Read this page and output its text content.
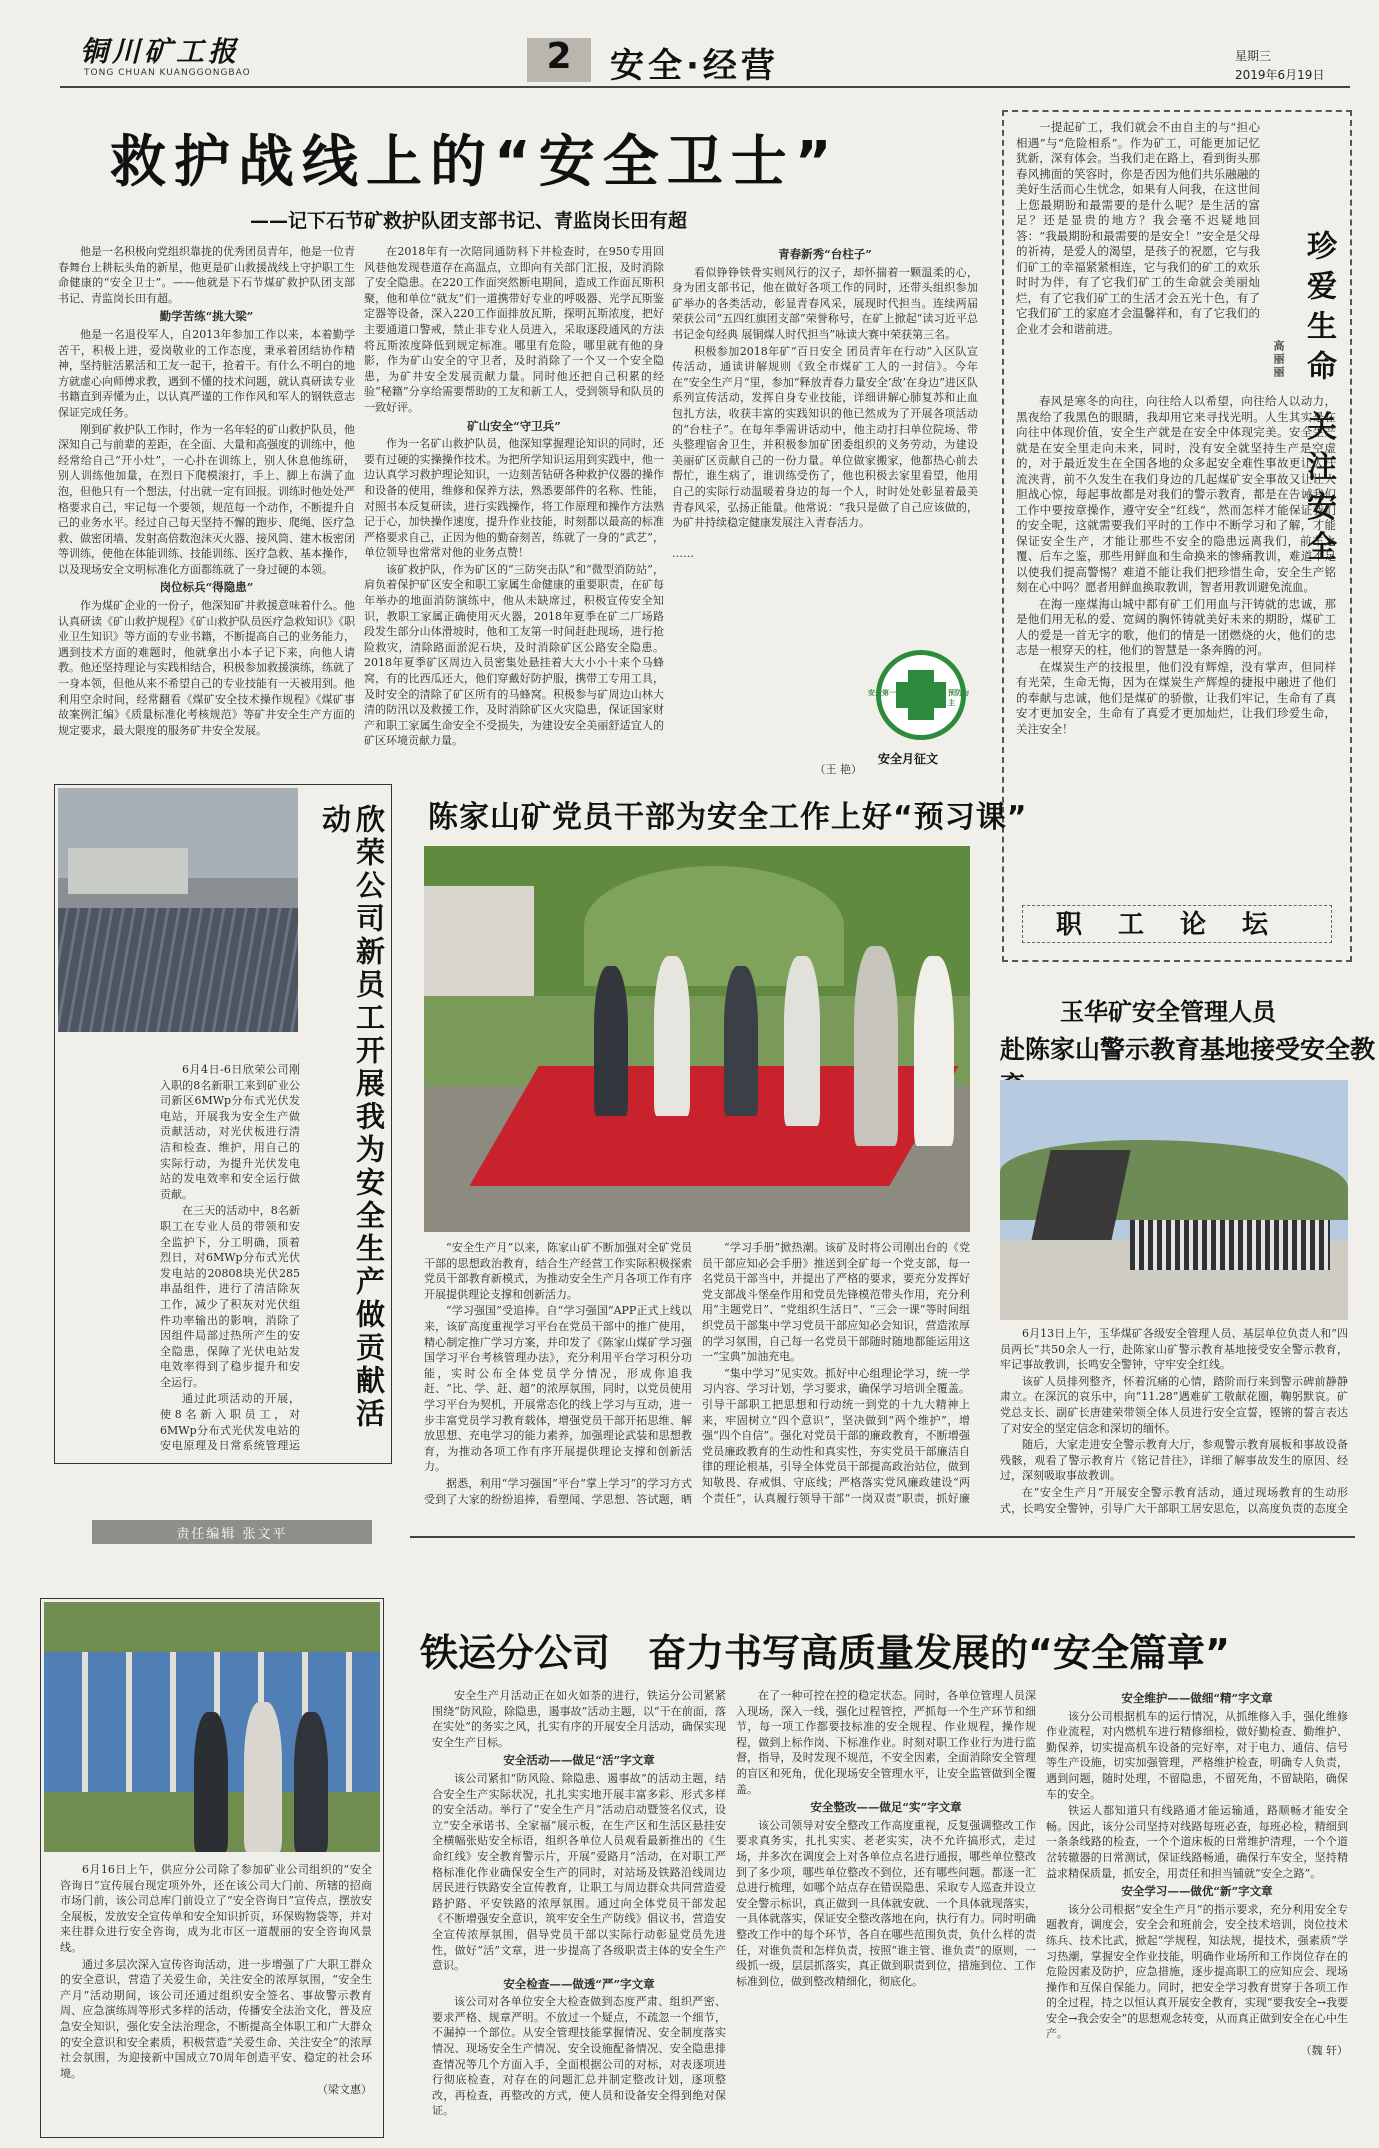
铜川矿工报
TONG CHUAN KUANGGONGBAO	2	安全·经营	星期三
2019年6月19日
救护战线上的“安全卫士”
——记下石节矿救护队团支部书记、青监岗长田有超

他是一名积极向党组织靠拢的优秀团员青年，他是一位青春舞台上耕耘头角的新星，他更是矿山救援战线上守护职工生命健康的“安全卫士”。——他就是下石节煤矿救护队团支部书记、青监岗长田有超。

勤学苦练“挑大梁”

他是一名退役军人，自2013年参加工作以来，本着勤学苦干，积极上进，爱岗敬业的工作态度，秉承着团结协作精神，坚持脏活累活和工友一起干，抢着干。有什么不明白的地方就虚心向师傅求教，遇到不懂的技术问题，就认真研读专业书籍直到弄懂为止，以认真严谨的工作作风和军人的钢铁意志保证完成任务。

刚到矿救护队工作时，作为一名年轻的矿山救护队员，他深知自己与前辈的差距，在全面、大量和高强度的训练中，他经常给自己“开小灶”，一心扑在训练上，别人休息他练研，别人训练他加量，在烈日下爬模滚打，手上、脚上布满了血泡，但他只有一个想法，付出就一定有回报。训练时他处处严格要求自己，牢记每一个要领，规范每一个动作，不断提升自己的业务水平。经过自己每天坚持不懈的跑步、爬绳、医疗急救、做密闭墙、发射高倍数泡沫灭火器、接风筒、建木板密闭等训练，使他在体能训练、技能训练、医疗急救、基本操作，以及现场安全文明标准化方面都练就了一身过硬的本领。

岗位标兵“得隐患”

作为煤矿企业的一份子，他深知矿井救援意味着什么。他认真研读《矿山救护规程》《矿山救护队员医疗急救知识》《职业卫生知识》等方面的专业书籍，不断提高自己的业务能力，遇到技术方面的难题时，他就拿出小本子记下来，向他人请教。他还坚持理论与实践相结合，积极参加救援演练，练就了一身本领，但他从来不希望自己的专业技能有一天被用到。他利用空余时间，经常翻看《煤矿安全技术操作规程》《煤矿事故案例汇编》《质量标准化考核规范》等矿井安全生产方面的规定要求，最大限度的服务矿井安全发展。

在2018年有一次陪同通防科下井检查时，在950专用回风巷他发现巷道存在高温点，立即向有关部门汇报，及时消除了安全隐患。在220工作面突然断电期间，造成工作面瓦斯积聚，他和单位“就友”们一道携带好专业的呼吸器、光学瓦斯鉴定器等设备，深入220工作面排放瓦斯，探明瓦斯浓度，把好主要通道口警戒，禁止非专业人员进入，采取逐段通风的方法将瓦斯浓度降低到规定标准。哪里有危险，哪里就有他的身影，作为矿山安全的守卫者，及时消除了一个又一个安全隐患，为矿井安全发展贡献力量。同时他还把自己积累的经验“秘籍”分享给需要帮助的工友和新工人，受到领导和队员的一致好评。

矿山安全“守卫兵”

作为一名矿山救护队员，他深知掌握理论知识的同时，还要有过硬的实操操作技术。为把所学知识运用到实践中，他一边认真学习救护理论知识，一边刻苦钻研各种救护仪器的操作和设备的使用，维修和保养方法，熟悉要部件的名称、性能，对照书本反复研读，进行实践操作，将工作原理和操作方法熟记于心，加快操作速度，提升作业技能，时刻都以最高的标准严格要求自己，正因为他的勤奋刻苦，练就了一身的“武艺”，单位领导也常常对他的业务点赞！

该矿救护队，作为矿区的“三防突击队”和“微型消防站”，肩负着保护矿区安全和职工家属生命健康的重要职责，在矿每年举办的地面消防演练中，他从未缺席过，积极宣传安全知识，教职工家属正确使用灭火器，2018年夏季在矿二厂场路段发生部分山体滑坡时，他和工友第一时间赶赴现场，进行抢险救灾，清除路面淤泥石块，及时消除矿区公路安全隐患。2018年夏季矿区周边入员密集处悬挂着大大小小十来个马蜂窝，有的比西瓜还大，他们穿戴好防护服，携带工专用工具，及时安全的清除了矿区所有的马蜂窝。积极参与矿周边山林大清的防汛以及救援工作，及时消除矿区火灾隐患，保证国家财产和职工家属生命安全不受损失，为建设安全美丽舒适宜人的矿区环境贡献力量。

青春新秀“台柱子”

看似铮铮铁骨实则风行的汉子，却怀揣着一颗温柔的心，身为团支部书记，他在做好各项工作的同时，还带头组织参加矿举办的各类活动，彰显青春风采，展现时代担当。连续两届荣获公司“五四红旗团支部”荣誉称号，在矿上掀起“读习近平总书记金句经典 展铜煤人时代担当”咏读大赛中荣获第三名。

积极参加2018年矿“百日安全 团员青年在行动”入区队宣传活动，通读讲解规则《致全市煤矿工人的一封信》。今年在“安全生产月”里，参加“释放青春力量安全‘敌’在身边”进区队系列宣传活动，发挥自身专业技能，详细讲解心肺复苏和止血包扎方法，收获丰富的实践知识的他已然成为了开展各项活动的“台柱子”。在每年季需讲话动中，他主动打扫单位院场、带头整理宿舍卫生，并积极参加矿团委组织的义务劳动，为建设美丽矿区贡献自己的一份力量。单位做家搬家，他都热心前去帮忙，谁生病了，谁训练受伤了，他也积极去家里看望，他用自己的实际行动温暖着身边的每一个人，时时处处彰显着最美青春风采，弘扬正能量。他常说：“我只是做了自己应该做的，为矿井持续稳定健康发展注入青春活力。

……

（王 艳）
安全第一	预防为主
安全月征文
珍爱生命 关注安全
高丽丽

一提起矿工，我们就会不由自主的与“担心相遇”与“危险相系”。作为矿工，可能更加记忆犹新，深有体会。当我们走在路上，看到街头那春风拂面的笑容时，你是否因为他们共乐融融的美好生活而心生忧念，如果有人问我，在这世间上您最期盼和最需要的是什么呢？是生活的富足？还是显贵的地方？我会毫不迟疑地回答：“我最期盼和最需要的是安全！”安全是父母的祈祷，是爱人的渴望，是孩子的祝愿，它与我们矿工的幸福紧紧相连，它与我们的矿工的欢乐时时为伴，有了它我们矿工的生命就会美丽灿烂，有了它我们矿工的生活才会五光十色，有了它我们矿工的家庭才会温馨祥和，有了它我们的企业才会和谐前进。

春风是寒冬的向往，向往给人以希望，向往给人以动力，黑夜给了我黑色的眼睛，我却用它来寻找光明。人生其实是在向往中体现价值，安全生产就是在安全中体现完美。安全生产就是在安全里走向未来，同时，没有安全就坚持生产是空虚的，对于最近发生在全国各地的众多起安全难性事故更让人汗流浃背，前不久发生在我们身边的几起煤矿安全事故又让让人胆战心惊，每起事故都是对我们的警示教育，都是在告诫我们工作中要按章操作，遵守安全“红线”，然而怎样才能保证我们的安全呢，这就需要我们平时的工作中不断学习和了解，才能保证安全生产，才能让那些不安全的隐患远离我们，前车之覆、后车之鉴，那些用鲜血和生命换来的惨痛教训，难道不足以使我们提高警惕？难道不能让我们把珍惜生命，安全生产铭刻在心中吗？愿者用鲜血换取教训，智者用教训避免流血。

在海一座煤海山城中都有矿工们用血与汗铸就的忠诚，那是他们用无私的爱、宽阔的胸怀铸就美好未来的期盼，煤矿工人的爱是一首无字的歌，他们的情是一团燃烧的火，他们的忠志是一根穿天的柱，他们的智慧是一条奔腾的河。

在煤炭生产的技报里，他们没有辉煌，没有掌声，但同样有光荣，生命无悔，因为在煤炭生产辉煌的捷报中融进了他们的奉献与忠诚，他们是煤矿的骄傲，让我们牢记，生命有了真安才更加安全，生命有了真爱才更加灿烂，让我们珍爱生命，关注安全！

职工论坛
欣荣公司新员工开展我为安全生产做贡献活动

6月4日-6日欣荣公司刚入职的8名新职工来到矿业公司新区6MWp分布式光伏发电站，开展我为安全生产做贡献活动，对光伏板进行清洁和检查、维护，用自己的实际行动，为提升光伏发电站的发电效率和安全运行做贡献。

在三天的活动中，8名新职工在专业人员的带领和安全监护下，分工明确，顶着烈日，对6MWp分布式光伏发电站的20808块光伏285串晶组件，进行了清洁除灰工作，减少了积灰对光伏组件功率输出的影响，消除了因组件局部过热所产生的安全隐患，保障了光伏电站发电效率得到了稳步提升和安全运行。

通过此项活动的开展，使8名新入职员工，对6MWp分布式光伏发电站的安电原理及日常系统管理运

责任编辑 张文平
陈家山矿党员干部为安全工作上好“预习课”

“安全生产月”以来，陈家山矿不断加强对全矿党员干部的思想政治教育，结合生产经营工作实际积极探索党员干部教育新模式，为推动安全生产月各项工作有序开展提供理论支撑和创新活力。

“学习强国”受追捧。自“学习强国”APP正式上线以来，该矿高度重视学习平台在党员干部中的推广使用，精心制定推广学习方案，并印发了《陈家山煤矿学习强国学习平台考核管理办法》，充分利用平台学习积分功能，实时公布全体党员学分情况，形成你追我赶、“比、学、赶、超”的浓厚氛围，同时，以党员使用学习平台为契机，开展常态化的线上学习与互动，进一步丰富党员学习教育载体，增强党员干部开拓思维、解放思想、充电学习的能力素养，加强理论武装和思想教育，为推动各项工作有序开展提供理论支撑和创新活力。

据悉，利用“学习强国”平台“掌上学习”的学习方式受到了大家的纷纷追捧，看塑闻、学思想、答试题，晒

“学习手册”掀热潮。该矿及时将公司刚出台的《党员干部应知必会手册》推送到全矿每一个党支部，每一名党员干部当中，并提出了严格的要求，要充分发挥好党支部战斗堡垒作用和党员先锋模范带头作用，充分利用“主题党日”、“党组织生活日”、“三会一课”等时间组织党员干部集中学习党员干部应知必会知识，营造浓厚的学习氛围，自己每一名党员干部随时随地都能运用这一“宝典”加油充电。

“集中学习”见实效。抓好中心组理论学习，统一学习内容、学习计划，学习要求，确保学习培训全覆盖。引导干部职工把思想和行动统一到党的十九大精神上来，牢固树立“四个意识”，坚决做到“两个维护”，增强“四个自信”。强化对党员干部的廉政教育，不断增强党员廉政教育的生动性和真实性，夯实党员干部廉洁自律的理论根基，引导全体党员干部提高政治站位，做到知敬畏、存戒惧、守底线；严格落实党风廉政建设“两个责任”，认真履行领导干部“一岗双责”职责，抓好廉

玉华矿安全管理人员
赴陈家山警示教育基地接受安全教

6月13日上午，玉华煤矿各级安全管理人员、基层单位负责人和“四员两长”共50余人一行，赴陈家山矿警示教育基地接受安全警示教育，牢记事故教训，长鸣安全警钟，守牢安全红线。

该矿人员排列整齐，怀着沉痛的心情，踏阶而行来到警示碑前静静肃立。在深沉的哀乐中，向“11.28”遇难矿工敬献花圈，鞠躬默哀。矿党总支长、副矿长唐建荣带领全体人员进行安全宣誓，铿锵的誓言表达了对安全的坚定信念和深切的缅怀。

随后，大家走进安全警示教育大厅，参观警示教育展板和事故设备残骸，观看了警示教育片《铭记昔往》，详细了解事故发生的原因、经过，深刻吸取事故教训。

在“安全生产月”开展安全警示教育活动，通过现场教育的生动形式，长鸣安全警钟，引导广大干部职工居安思危，以高度负责的态度全

6月16日上午，供应分公司除了参加矿业公司组织的“安全咨询日”宣传展台现定项外外，还在该公司大门前、所辖的招商市场门前，该公司总库门前设立了“安全咨询日”宣传点，摆放安全展板，发放安全宣传单和安全知识折页，环保购物袋等，并对来往群众进行安全咨询，成为北市区一道靓丽的安全咨询风景线。

通过多层次深入宣传咨询活动，进一步增强了广大职工群众的安全意识，营造了关爱生命，关注安全的浓厚氛围，“安全生产月”活动期间，该公司还通过组织安全签名、事故警示教育周、应急演练周等形式多样的活动，传播安全法治文化，普及应急安全知识，强化安全法治理念，不断提高全体职工和广大群众的安全意识和安全素质，积极营造“关爱生命、关注安全”的浓厚社会氛围，为迎接新中国成立70周年创造平安、稳定的社会环境。

（梁文惠）
铁运分公司　奋力书写高质量发展的“安全篇章”

安全生产月活动正在如火如荼的进行，铁运分公司紧紧围绕“防风险，除隐患，遏事故”活动主题，以“干在前面，落在实处”的务实之风，扎实有序的开展安全月活动，确保实现安全生产目标。

安全活动——做足“活”字文章

该公司紧扣“防风险、除隐患、遏事故”的活动主题，结合安全生产实际状况，扎扎实实地开展丰富多彩、形式多样的安全活动。举行了“安全生产月”活动启动暨签名仪式，设立“安全承诺书、全家福”展示板，在生产区和生活区悬挂安全横幅张贴安全标语，组织各单位人员观看最新推出的《生命红线》安全教育警示片，开展“爱路月”活动，在对职工严格标准化作业确保安全生产的同时，对站场及铁路沿线周边居民进行铁路安全宣传教育，让职工与周边群众共同营造爱路护路、平安铁路的浓厚氛围。通过向全体党员干部发起《不断增强安全意识，筑牢安全生产防线》倡议书，营造安全宣传浓厚氛围，倡导党员干部以实际行动彰显党员先进性，做好“活”文章，进一步提高了各级职责主体的安全生产意识。

安全检查——做透“严”字文章

该公司对各单位安全大检查做到态度严肃、组织严密、要求严格、规章严明。不放过一个疑点，不疏忽一个细节，不漏掉一个部位。从安全管理技能掌握情况、安全制度落实情况、现场安全生产情况、安全设施配备情况、安全隐患排查情况等几个方面入手，全面根据公司的对标，对表逐项进行彻底检查，对存在的问题汇总并制定整改计划，逐项整改，再检查，再整改的方式，使人员和设备安全得到绝对保证。

在了一种可控在控的稳定状态。同时，各单位管理人员深入现场，深入一线，强化过程管控，严抓每一个生产环节和细节，每一项工作都要技标准的安全规程、作业规程，操作规程，做到上标作岗、下标准作业。时刻对职工作业行为进行监督，指导，及时发现不规范，不安全因素，全面消除安全管理的盲区和死角，优化现场安全管理水平，让安全监管做到全覆盖。

安全整改——做足“实”字文章

该公司领导对安全整改工作高度重视，反复强调整改工作要求真务实，扎扎实实、老老实实，决不允许搞形式，走过场，并多次在调度会上对各单位点名进行通报，哪些单位整改到了多少项，哪些单位整改不到位，还有哪些问题。都逐一汇总进行梳理，如哪个站点存在错误隐患、采取专人巡查并设立安全警示标识，真正做到一具体就安就、一个具体就现落实，一具体就落实，保证安全整改落地在向，执行有力。同时明确整改工作中的每个环节，各自在哪些范围负责，负什么样的责任，对谁负责和怎样负责，按照“谁主管、谁负责”的原则，一级抓一级，层层抓落实，真正做到职责到位，措施到位、工作标准到位，做到整改精细化，彻底化。

安全维护——做细“精”字文章

该分公司根据机车的运行情况，从抓维修入手，强化维修作业流程，对内燃机车进行精修细检，做好勤检查、勤维护、勤保养，切实提高机车设备的完好率，对于电力、通信、信号等生产设施，切实加强管理，严格维护检查，明确专人负责，遇到问题，随时处理，不留隐患，不留死角，不留缺陷，确保车的安全。

铁运人都知道只有线路通才能运输通，路顺畅才能安全畅。因此，该分公司坚持对线路每班必查，每班必检，精细到一条条线路的检查，一个个道床板的日常维护清理，一个个道岔转辙器的日常测试，保证线路畅通，确保行车安全，坚持精益求精保质量，抓安全，用责任和担当铺就“安全之路”。

安全学习——做优“新”字文章

该分公司根据“安全生产月”的指示要求，充分利用安全专题教育，调度会，安全会和班前会，安全技术培训，岗位技术练兵、技术比武，掀起“学规程，知法规，提技术，强素质”学习热潮，掌握安全作业技能，明确作业场所和工作岗位存在的危险因素及防护，应急措施，逐步提高职工的应知应会、现场操作和互保自保能力。同时，把安全学习教育贯穿于各项工作的全过程，持之以恒认真开展安全教育，实现“要我安全→我要安全→我会安全”的思想观念转变，从而真正做到安全在心中生产。

（魏 轩）
